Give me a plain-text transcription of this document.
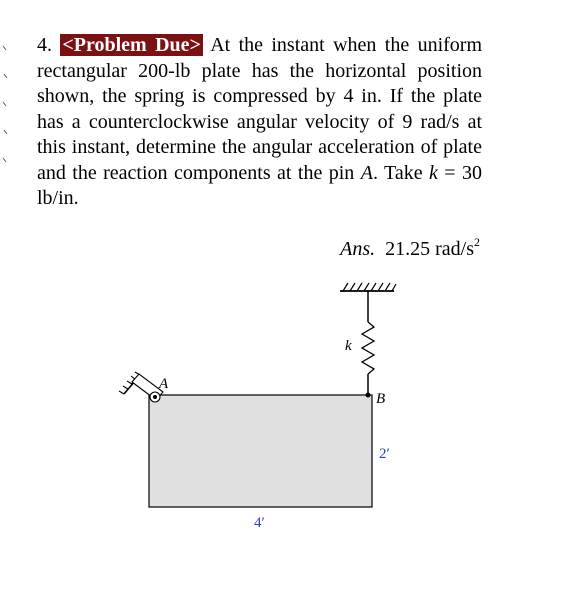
4. <Problem Due> At the instant when the uniform rectangular 200-lb plate has the horizontal position shown, the spring is compressed by 4 in. If the plate has a counterclockwise angular velocity of 9 rad/s at this instant, determine the angular acceleration of plate and the reaction components at the pin A. Take k = 30 lb/in.
Ans. 21.25 rad/$s^2$
k
B
A
2′
4′
